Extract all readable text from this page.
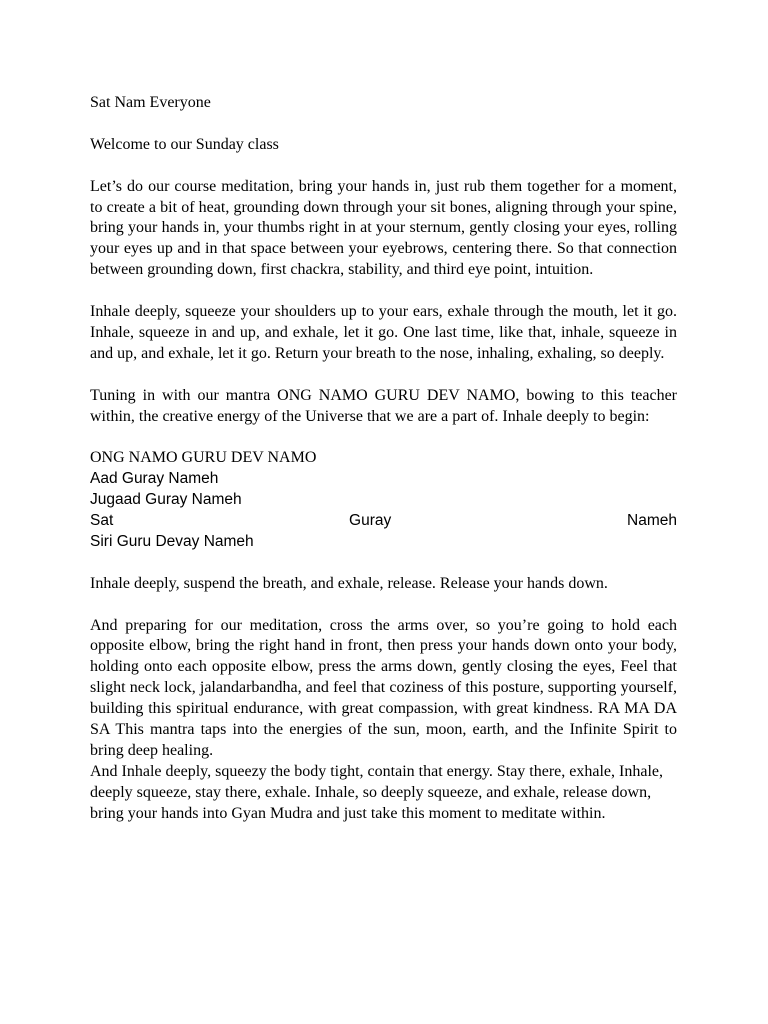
Sat Nam Everyone

Welcome to our Sunday class

Let’s do our course meditation, bring your hands in, just rub them together for a moment, to create a bit of heat, grounding down through your sit bones, aligning through your spine, bring your hands in, your thumbs right in at your sternum, gently closing your eyes, rolling your eyes up and in that space between your eyebrows, centering there. So that connection between grounding down, first chackra, stability, and third eye point, intuition.

Inhale deeply, squeeze your shoulders up to your ears, exhale through the mouth, let it go. Inhale, squeeze in and up, and exhale, let it go. One last time, like that, inhale, squeeze in and up, and exhale, let it go. Return your breath to the nose, inhaling, exhaling, so deeply.

Tuning in with our mantra ONG NAMO GURU DEV NAMO, bowing to this teacher within, the creative energy of the Universe that we are a part of. Inhale deeply to begin:

ONG NAMO GURU DEV NAMO
Aad Guray Nameh
Jugaad Guray Nameh
Sat	Guray	Nameh
Siri Guru Devay Nameh

Inhale deeply, suspend the breath, and exhale, release. Release your hands down.

And preparing for our meditation, cross the arms over, so you’re going to hold each opposite elbow, bring the right hand in front, then press your hands down onto your body, holding onto each opposite elbow, press the arms down, gently closing the eyes, Feel that slight neck lock, jalandarbandha, and feel that coziness of this posture, supporting yourself, building this spiritual endurance, with great compassion, with great kindness. RA MA DA SA This mantra taps into the energies of the sun, moon, earth, and the Infinite Spirit to bring deep healing.

And Inhale deeply, squeezy the body tight, contain that energy. Stay there, exhale, Inhale, deeply squeeze, stay there, exhale. Inhale, so deeply squeeze, and exhale, release down, bring your hands into Gyan Mudra and just take this moment to meditate within.
